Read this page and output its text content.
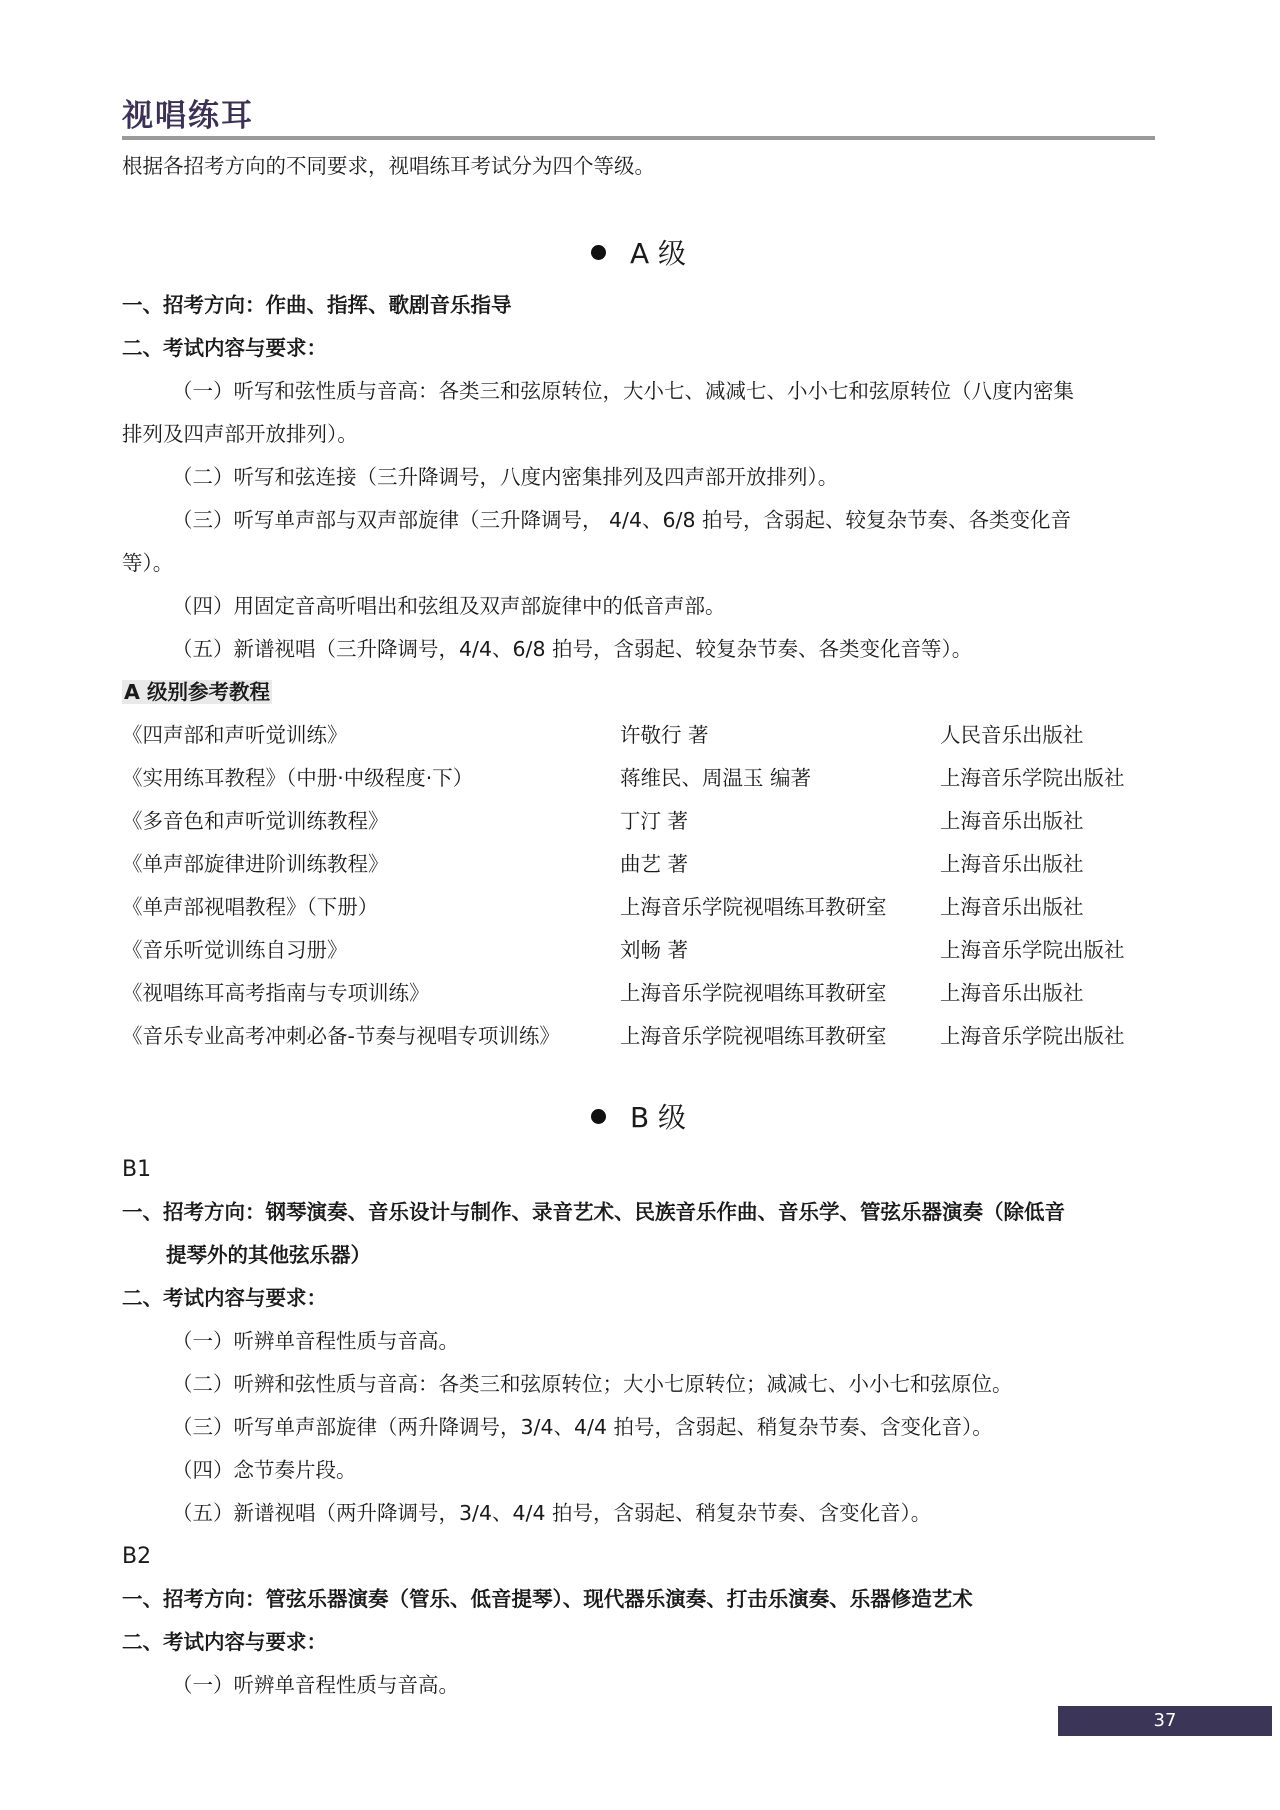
视唱练耳
根据各招考方向的不同要求，视唱练耳考试分为四个等级。
A 级
一、招考方向：作曲、指挥、歌剧音乐指导
二、考试内容与要求：
（一）听写和弦性质与音高：各类三和弦原转位，大小七、减减七、小小七和弦原转位（八度内密集
排列及四声部开放排列）。
（二）听写和弦连接（三升降调号，八度内密集排列及四声部开放排列）。
（三）听写单声部与双声部旋律（三升降调号， 4/4、6/8 拍号，含弱起、较复杂节奏、各类变化音
等）。
（四）用固定音高听唱出和弦组及双声部旋律中的低音声部。
（五）新谱视唱（三升降调号，4/4、6/8 拍号，含弱起、较复杂节奏、各类变化音等）。
A 级别参考教程
《四声部和声听觉训练》	许敬行 著	人民音乐出版社
《实用练耳教程》（中册·中级程度·下）	蒋维民、周温玉 编著	上海音乐学院出版社
《多音色和声听觉训练教程》	丁汀 著	上海音乐出版社
《单声部旋律进阶训练教程》	曲艺 著	上海音乐出版社
《单声部视唱教程》（下册）	上海音乐学院视唱练耳教研室	上海音乐出版社
《音乐听觉训练自习册》	刘畅 著	上海音乐学院出版社
《视唱练耳高考指南与专项训练》	上海音乐学院视唱练耳教研室	上海音乐出版社
《音乐专业高考冲刺必备-节奏与视唱专项训练》	上海音乐学院视唱练耳教研室	上海音乐学院出版社
B 级
B1
一、招考方向：钢琴演奏、音乐设计与制作、录音艺术、民族音乐作曲、音乐学、管弦乐器演奏（除低音
提琴外的其他弦乐器）
二、考试内容与要求：
（一）听辨单音程性质与音高。
（二）听辨和弦性质与音高：各类三和弦原转位；大小七原转位；减减七、小小七和弦原位。
（三）听写单声部旋律（两升降调号，3/4、4/4 拍号，含弱起、稍复杂节奏、含变化音）。
（四）念节奏片段。
（五）新谱视唱（两升降调号，3/4、4/4 拍号，含弱起、稍复杂节奏、含变化音）。
B2
一、招考方向：管弦乐器演奏（管乐、低音提琴）、现代器乐演奏、打击乐演奏、乐器修造艺术
二、考试内容与要求：
（一）听辨单音程性质与音高。
37
